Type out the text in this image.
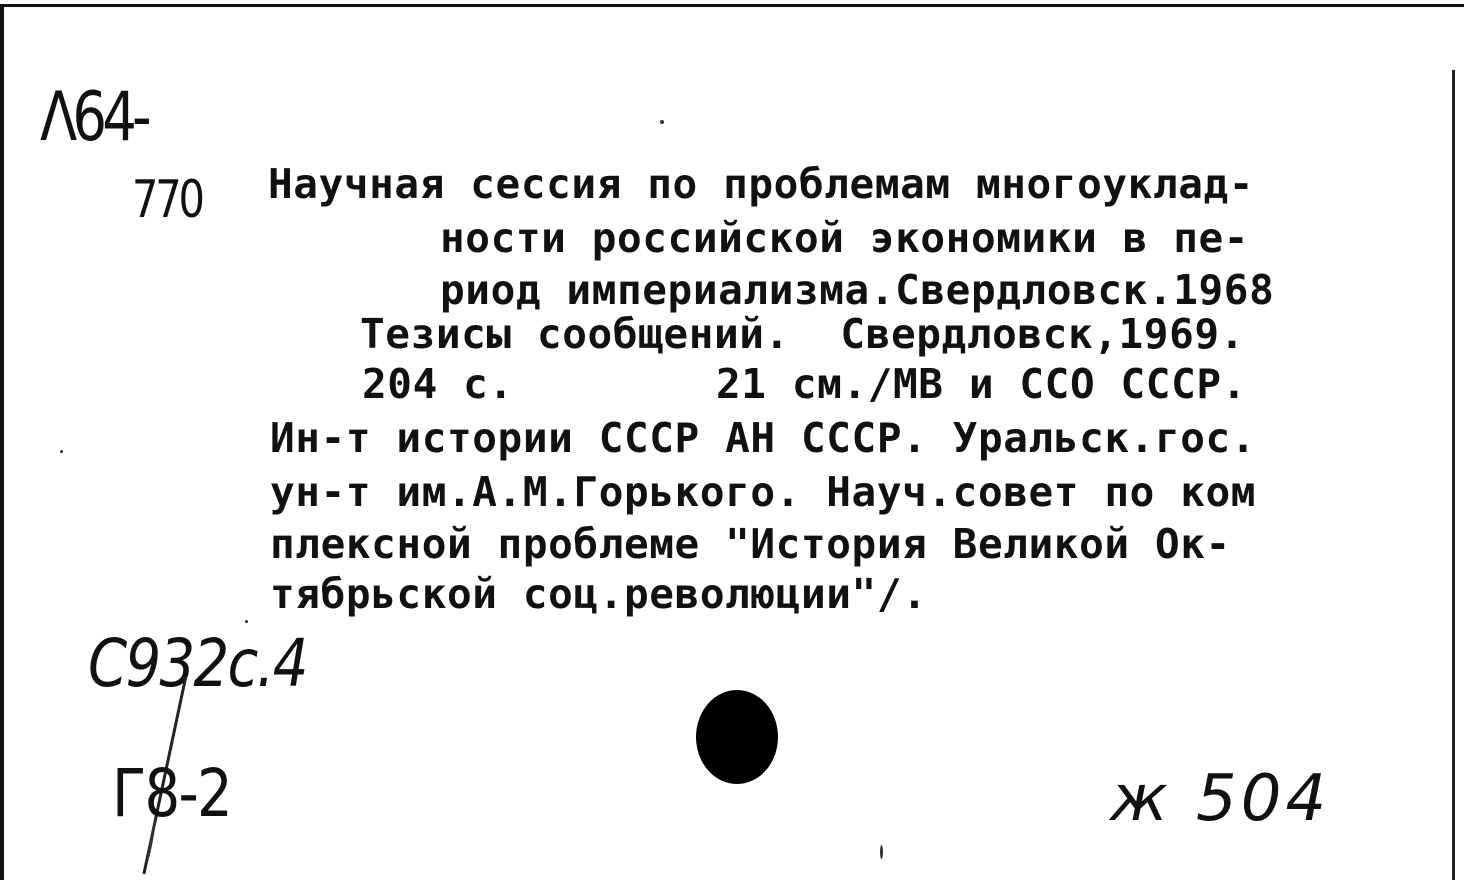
Λ64-
770 Научная сессия по проблемам многоуклад-
ности российской экономики в пе-
риод империализма.Свердловск.1968
Тезисы сообщений.  Свердловск,1969.
204 с.        21 см./МВ и ССО СССР.
Ин-т истории СССР АН СССР. Уральск.гос.
ун-т им.А.М.Горького. Науч.совет по ком
плексной проблеме "История Великой Ок-
тябрьской соц.революции"/.
С932с.4
Г8-2	ж 504
